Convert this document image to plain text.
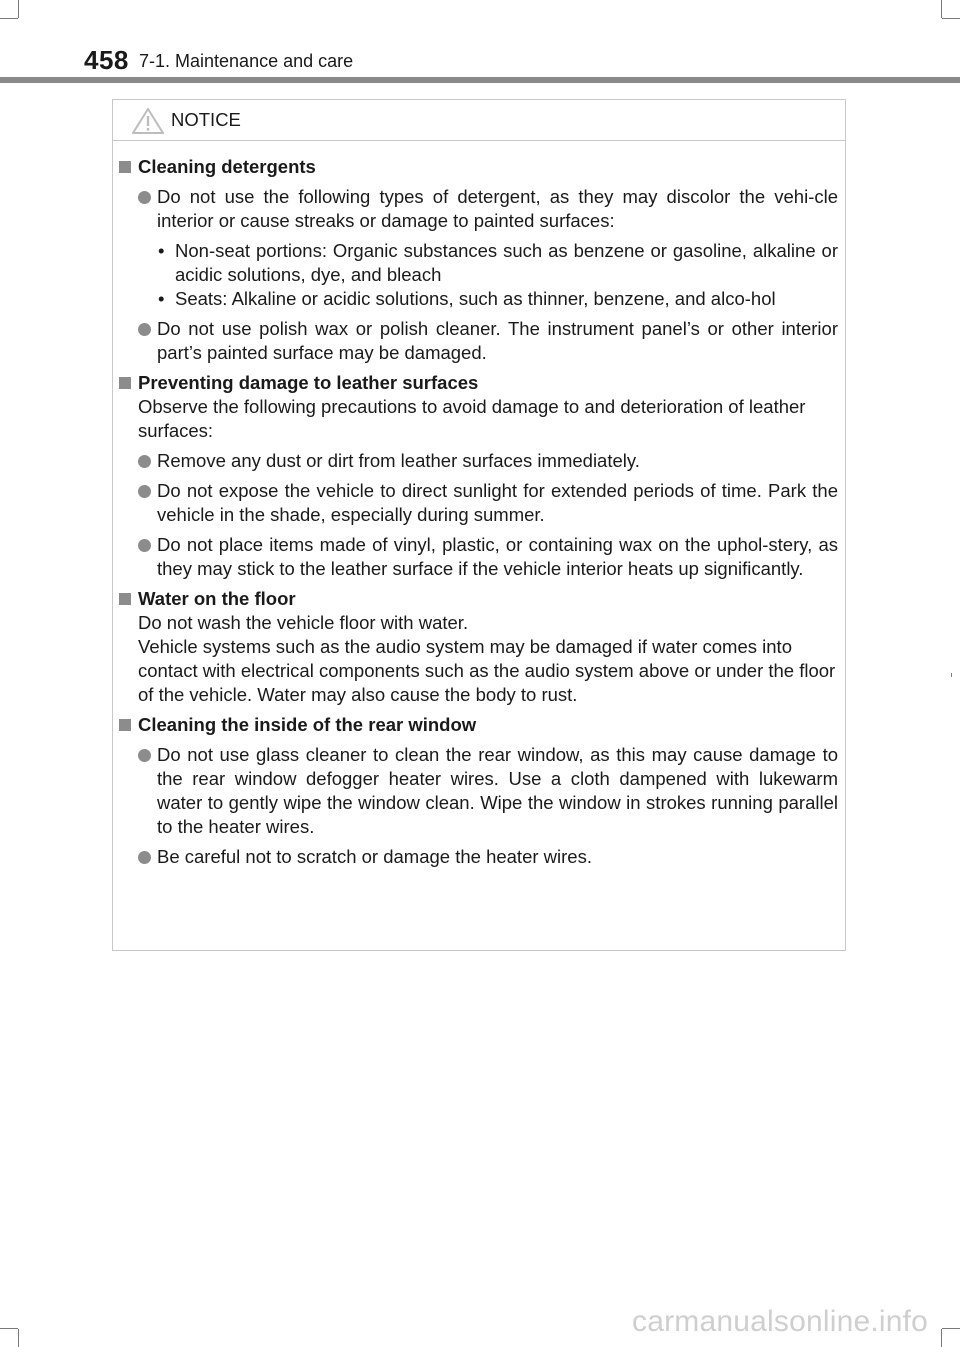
458 7-1. Maintenance and care
NOTICE
Cleaning detergents
Do not use the following types of detergent, as they may discolor the vehi-cle interior or cause streaks or damage to painted surfaces:
• Non-seat portions: Organic substances such as benzene or gasoline, alkaline or acidic solutions, dye, and bleach
• Seats: Alkaline or acidic solutions, such as thinner, benzene, and alco-hol
Do not use polish wax or polish cleaner. The instrument panel’s or other interior part’s painted surface may be damaged.
Preventing damage to leather surfaces
Observe the following precautions to avoid damage to and deterioration of leather surfaces:
Remove any dust or dirt from leather surfaces immediately.
Do not expose the vehicle to direct sunlight for extended periods of time. Park the vehicle in the shade, especially during summer.
Do not place items made of vinyl, plastic, or containing wax on the uphol-stery, as they may stick to the leather surface if the vehicle interior heats up significantly.
Water on the floor
Do not wash the vehicle floor with water.
Vehicle systems such as the audio system may be damaged if water comes into contact with electrical components such as the audio system above or under the floor of the vehicle. Water may also cause the body to rust.
Cleaning the inside of the rear window
Do not use glass cleaner to clean the rear window, as this may cause damage to the rear window defogger heater wires. Use a cloth dampened with lukewarm water to gently wipe the window clean. Wipe the window in strokes running parallel to the heater wires.
Be careful not to scratch or damage the heater wires.
carmanualsonline.info
